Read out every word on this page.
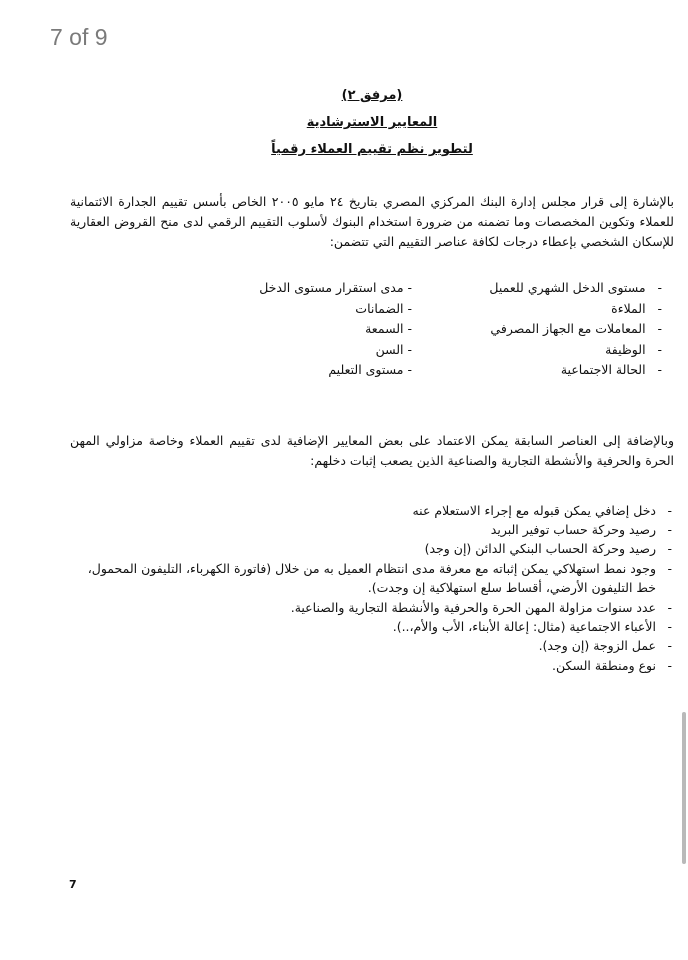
7 of 9

(مرفق ٢)

المعايير الاسترشادية

لتطوير نظم تقييم العملاء رقمياً

بالإشارة إلى قرار مجلس إدارة البنك المركزي المصري بتاريخ ٢٤ مايو ٢٠٠٥ الخاص بأسس تقييم الجدارة الائتمانية للعملاء وتكوين المخصصات وما تضمنه من ضرورة استخدام البنوك لأسلوب التقييم الرقمي لدى منح القروض العقارية للإسكان الشخصي بإعطاء درجات لكافة عناصر التقييم التي تتضمن:

-   مستوى الدخل الشهري للعميل
-   الملاءة
-   المعاملات مع الجهاز المصرفي
-   الوظيفة
-   الحالة الاجتماعية
- مدى استقرار مستوى الدخل
- الضمانات
- السمعة
- السن
- مستوى التعليم

وبالإضافة إلى العناصر السابقة يمكن الاعتماد على بعض المعايير الإضافية لدى تقييم العملاء وخاصة مزاولي المهن الحرة والحرفية والأنشطة التجارية والصناعية الذين يصعب إثبات دخلهم:

- دخل إضافي يمكن قبوله مع إجراء الاستعلام عنه
- رصيد وحركة حساب توفير البريد
- رصيد وحركة الحساب البنكي الدائن (إن وجد)
- وجود نمط استهلاكي يمكن إثباته مع معرفة مدى انتظام العميل به من خلال (فاتورة الكهرباء، التليفون المحمول، خط التليفون الأرضي، أقساط سلع استهلاكية إن وجدت).
- عدد سنوات مزاولة المهن الحرة والحرفية والأنشطة التجارية والصناعية.
- الأعباء الاجتماعية (مثال: إعالة الأبناء، الأب والأم،..).
- عمل الزوجة (إن وجد).
- نوع ومنطقة السكن.
7
